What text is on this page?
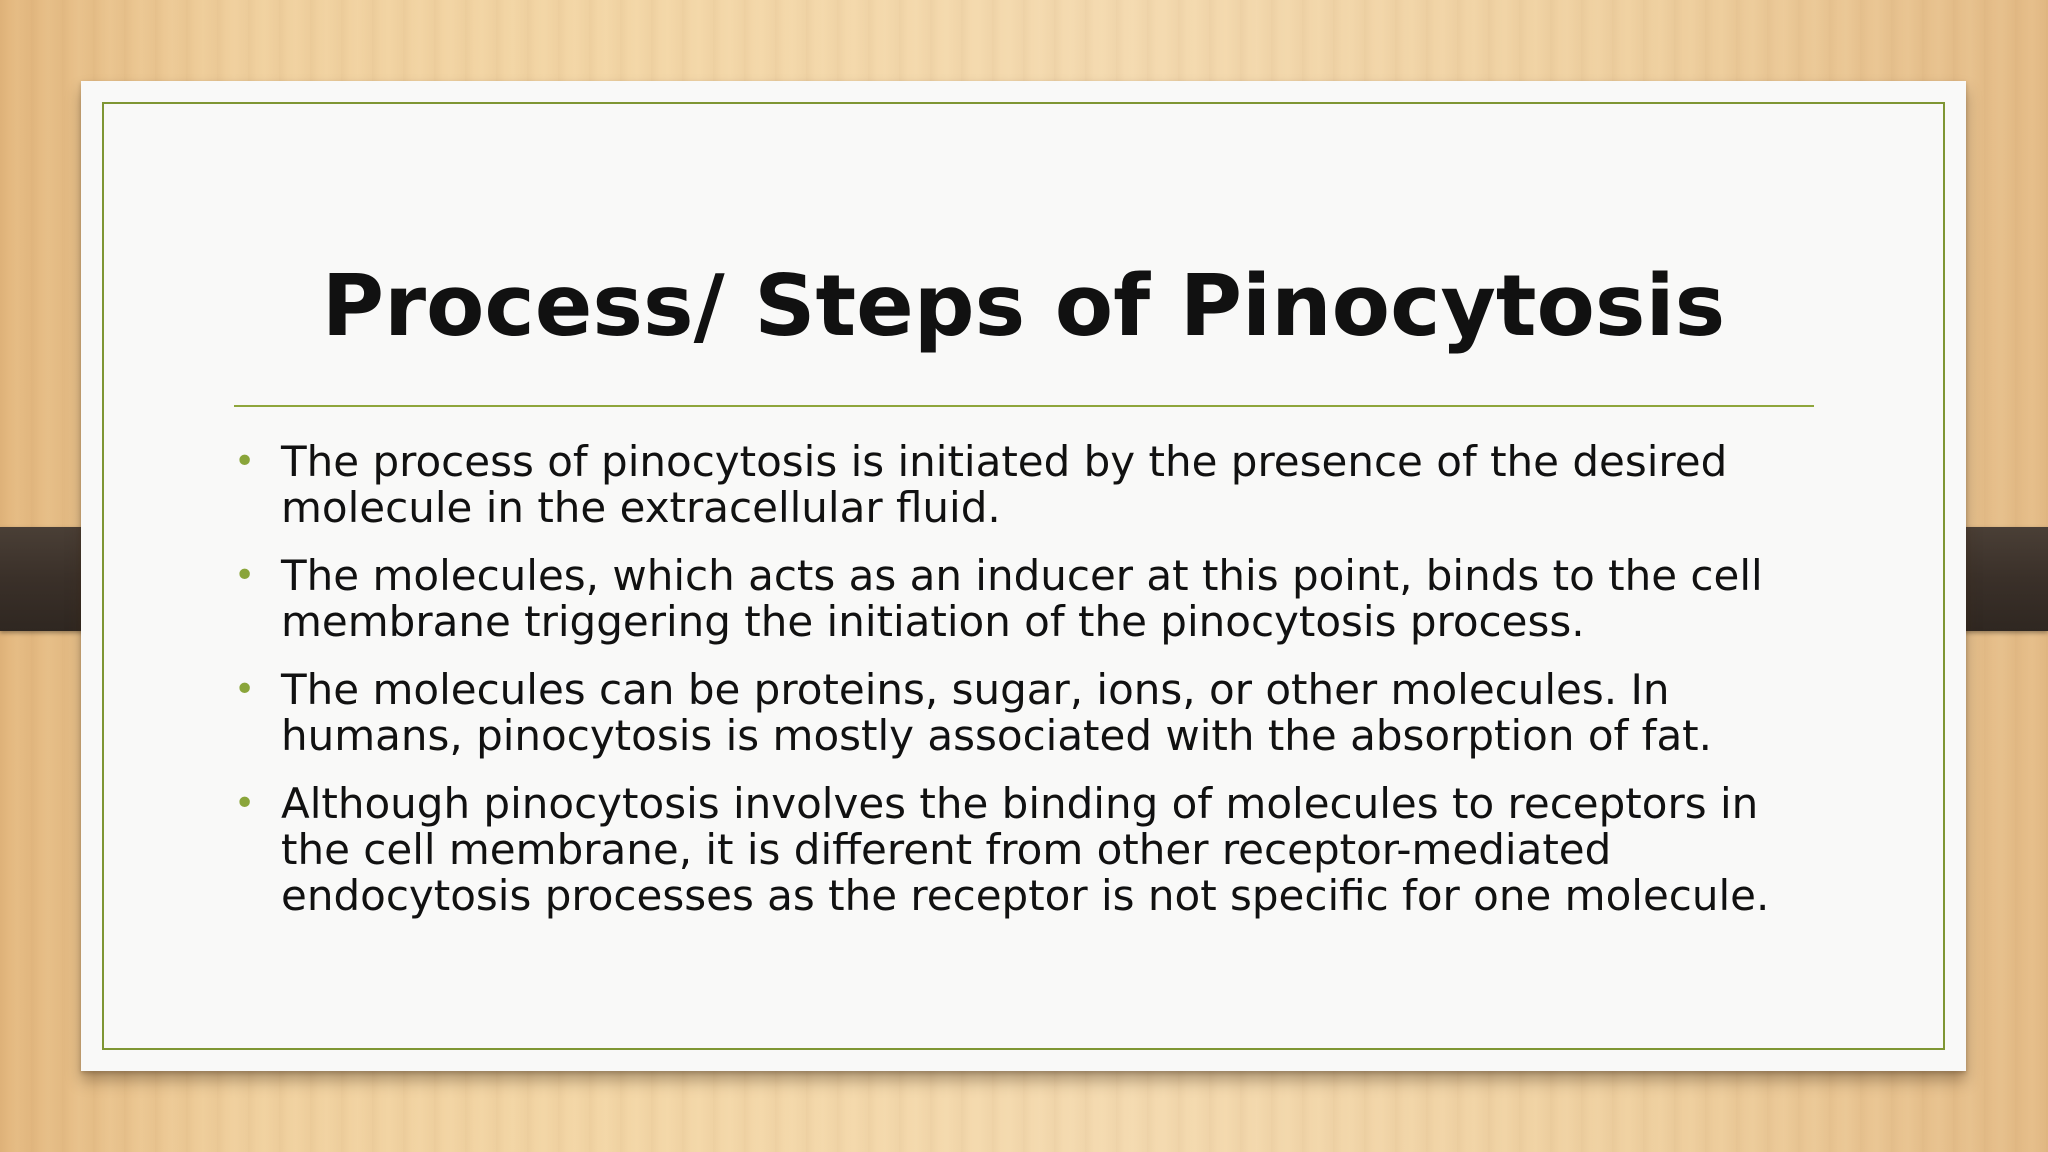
Process/ Steps of Pinocytosis
• The process of pinocytosis is initiated by the presence of the desired molecule in the extracellular fluid.
• The molecules, which acts as an inducer at this point, binds to the cell membrane triggering the initiation of the pinocytosis process.
• The molecules can be proteins, sugar, ions, or other molecules. In humans, pinocytosis is mostly associated with the absorption of fat.
• Although pinocytosis involves the binding of molecules to receptors in the cell membrane, it is different from other receptor-mediated endocytosis processes as the receptor is not specific for one molecule.
